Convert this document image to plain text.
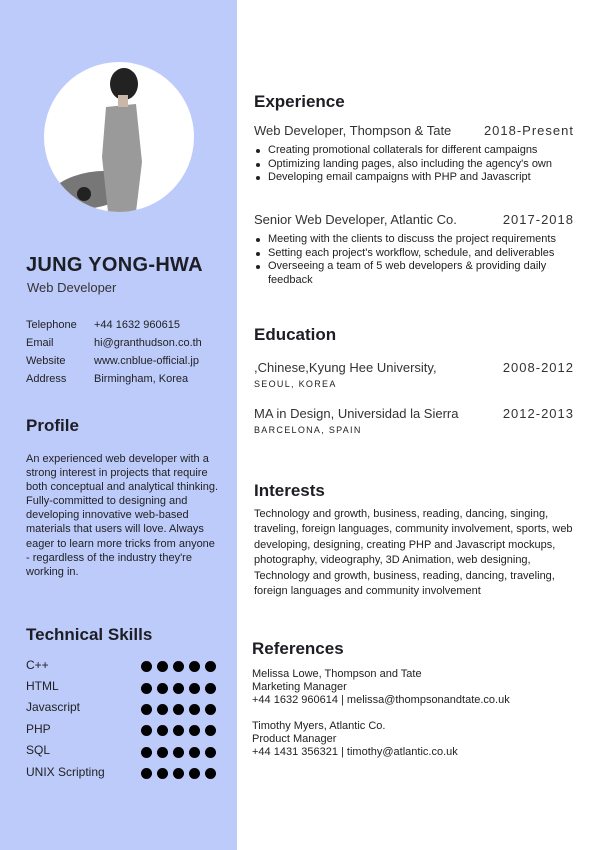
JUNG YONG-HWA
Web Developer
Telephone	+44 1632 960615
Email	hi@granthudson.co.th
Website	www.cnblue-official.jp
Address	Birmingham, Korea
Profile
An experienced web developer with a strong interest in projects that require both conceptual and analytical thinking. Fully-committed to designing and developing innovative web-based materials that users will love. Always eager to learn more tricks from anyone - regardless of the industry they're working in.
Technical Skills
C++
HTML
Javascript
PHP
SQL
UNIX Scripting
Experience
Web Developer, Thompson & Tate	2018-Present
Creating promotional collaterals for different campaigns
Optimizing landing pages, also including the agency's own
Developing email campaigns with PHP and Javascript
Senior Web Developer, Atlantic Co.	2017-2018
Meeting with the clients to discuss the project requirements
Setting each project's workflow, schedule, and deliverables
Overseeing a team of 5 web developers & providing daily feedback
Education
,Chinese,Kyung Hee University,	2008-2012
SEOUL, KOREA
MA in Design, Universidad la Sierra	2012-2013
BARCELONA, SPAIN
Interests
Technology and growth, business, reading, dancing, singing, traveling, foreign languages, community involvement, sports, web developing, designing, creating PHP and Javascript mockups, photography, videography, 3D Animation, web designing, Technology and growth, business, reading, dancing, traveling, foreign languages and community involvement
References
Melissa Lowe, Thompson and Tate
Marketing Manager
+44 1632 960614 | melissa@thompsonandtate.co.uk
Timothy Myers, Atlantic Co.
Product Manager
+44 1431 356321 | timothy@atlantic.co.uk
